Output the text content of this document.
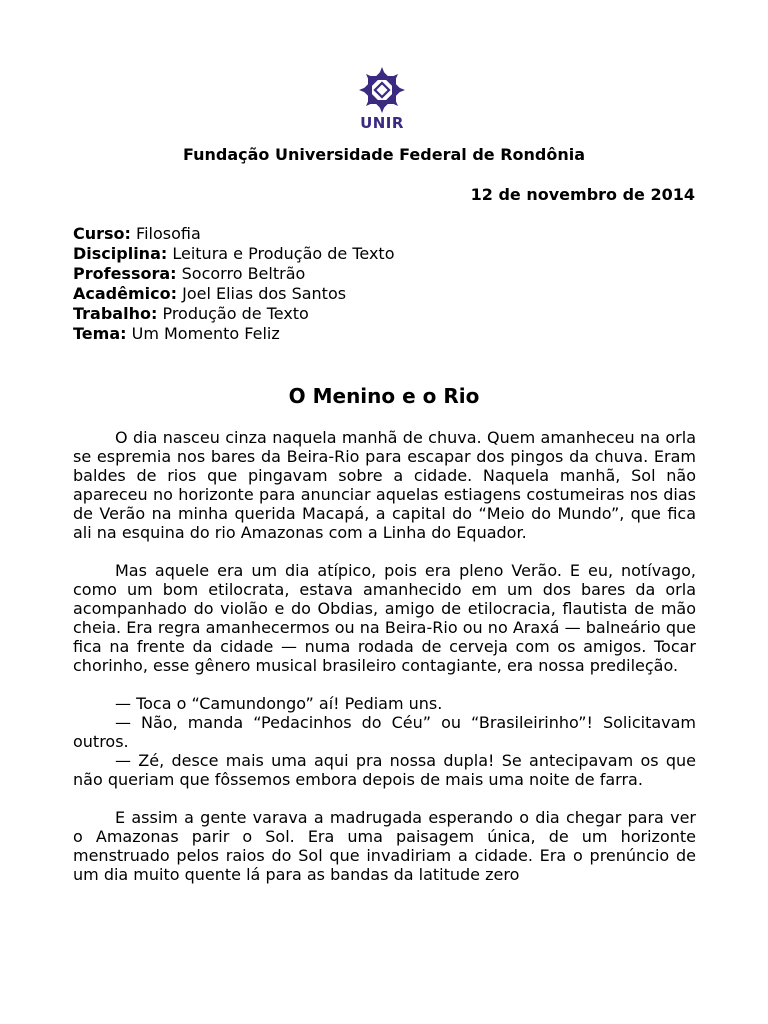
UNIR
Fundação Universidade Federal de Rondônia
12 de novembro de 2014
Curso: Filosofia
Disciplina: Leitura e Produção de Texto
Professora: Socorro Beltrão
Acadêmico: Joel Elias dos Santos
Trabalho: Produção de Texto
Tema: Um Momento Feliz
O Menino e o Rio

O dia nasceu cinza naquela manhã de chuva. Quem amanheceu na orla se espremia nos bares da Beira-Rio para escapar dos pingos da chuva. Eram baldes de rios que pingavam sobre a cidade. Naquela manhã, Sol não apareceu no horizonte para anunciar aquelas estiagens costumeiras nos dias de Verão na minha querida Macapá, a capital do “Meio do Mundo”, que fica ali na esquina do rio Amazonas com a Linha do Equador.

Mas aquele era um dia atípico, pois era pleno Verão. E eu, notívago, como um bom etilocrata, estava amanhecido em um dos bares da orla acompanhado do violão e do Obdias, amigo de etilocracia, flautista de mão cheia. Era regra amanhecermos ou na Beira-Rio ou no Araxá — balneário que fica na frente da cidade — numa rodada de cerveja com os amigos. Tocar chorinho, esse gênero musical brasileiro contagiante, era nossa predileção.

— Toca o “Camundongo” aí! Pediam uns.

— Não, manda “Pedacinhos do Céu” ou “Brasileirinho”! Solicitavam outros.

— Zé, desce mais uma aqui pra nossa dupla! Se antecipavam os que não queriam que fôssemos embora depois de mais uma noite de farra.

E assim a gente varava a madrugada esperando o dia chegar para ver o Amazonas parir o Sol. Era uma paisagem única, de um horizonte menstruado pelos raios do Sol que invadiriam a cidade. Era o prenúncio de um dia muito quente lá para as bandas da latitude zero
